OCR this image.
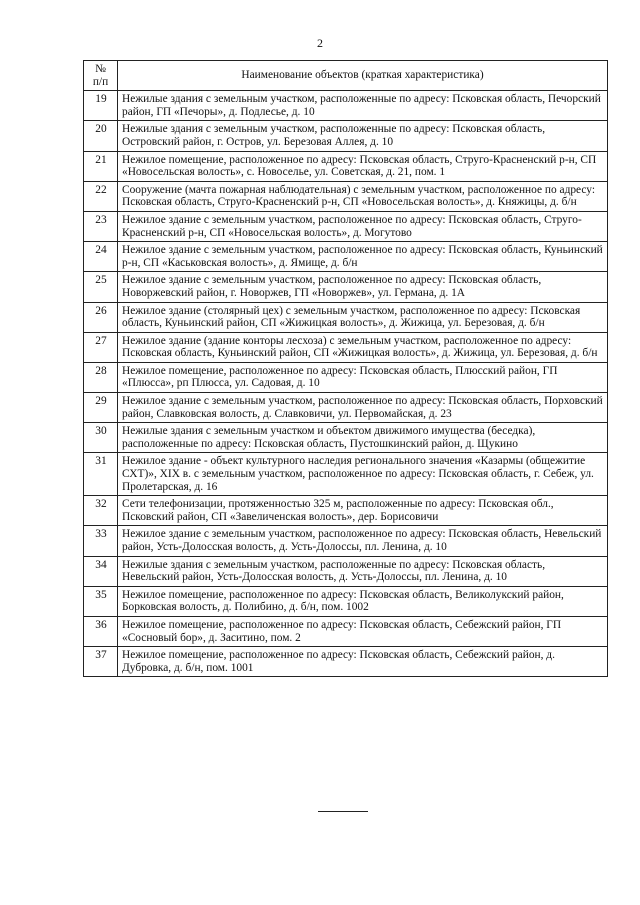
2
№
п/п	Наименование объектов (краткая характеристика)
19	Нежилые здания с земельным участком, расположенные по адресу: Псковская область, Печорский район, ГП «Печоры», д. Подлесье, д. 10
20	Нежилые здания с земельным участком, расположенные по адресу: Псковская область, Островский район, г. Остров, ул. Березовая Аллея, д. 10
21	Нежилое помещение, расположенное по адресу: Псковская область, Струго-Красненский р-н, СП «Новосельская волость», с. Новоселье, ул. Советская, д. 21, пом. 1
22	Сооружение (мачта пожарная наблюдательная) с земельным участком, расположенное по адресу: Псковская область, Струго-Красненский р-н, СП «Новосельская волость», д. Княжицы, д. б/н
23	Нежилое здание с земельным участком, расположенное по адресу: Псковская область, Струго-Красненский р-н, СП «Новосельская волость», д. Могутово
24	Нежилое здание с земельным участком, расположенное по адресу: Псковская область, Куньинский р-н, СП «Каськовская волость», д. Ямище, д. б/н
25	Нежилое здание с земельным участком, расположенное по адресу: Псковская область, Новоржевский район, г. Новоржев, ГП «Новоржев», ул. Германа, д. 1А
26	Нежилое здание (столярный цех) с земельным участком, расположенное по адресу: Псковская область, Куньинский район, СП «Жижицкая волость», д. Жижица, ул. Березовая, д. б/н
27	Нежилое здание (здание конторы лесхоза) с земельным участком, расположенное по адресу: Псковская область, Куньинский район, СП «Жижицкая волость», д. Жижица, ул. Березовая, д. б/н
28	Нежилое помещение, расположенное по адресу: Псковская область, Плюсский район, ГП «Плюсса», рп Плюсса, ул. Садовая, д. 10
29	Нежилое здание с земельным участком, расположенное по адресу: Псковская область, Порховский район, Славковская волость, д. Славковичи, ул. Первомайская, д. 23
30	Нежилые здания с земельным участком и объектом движимого имущества (беседка), расположенные по адресу: Псковская область, Пустошкинский район, д. Щукино
31	Нежилое здание - объект культурного наследия регионального значения «Казармы (общежитие СХТ)», XIX в. с земельным участком, расположенное по адресу: Псковская область, г. Себеж, ул. Пролетарская, д. 16
32	Сети телефонизации, протяженностью 325 м, расположенные по адресу: Псковская обл., Псковский район, СП «Завеличенская волость», дер. Борисовичи
33	Нежилое здание с земельным участком, расположенное по адресу: Псковская область, Невельский район, Усть-Долосская волость, д. Усть-Долоссы, пл. Ленина, д. 10
34	Нежилые здания с земельным участком, расположенные по адресу: Псковская область, Невельский район, Усть-Долосская волость, д. Усть-Долоссы, пл. Ленина, д. 10
35	Нежилое помещение, расположенное по адресу: Псковская область, Великолукский район, Борковская волость, д. Полибино, д. б/н, пом. 1002
36	Нежилое помещение, расположенное по адресу: Псковская область, Себежский район, ГП «Сосновый бор», д. Заситино, пом. 2
37	Нежилое помещение, расположенное по адресу: Псковская область, Себежский район, д. Дубровка, д. б/н, пом. 1001
